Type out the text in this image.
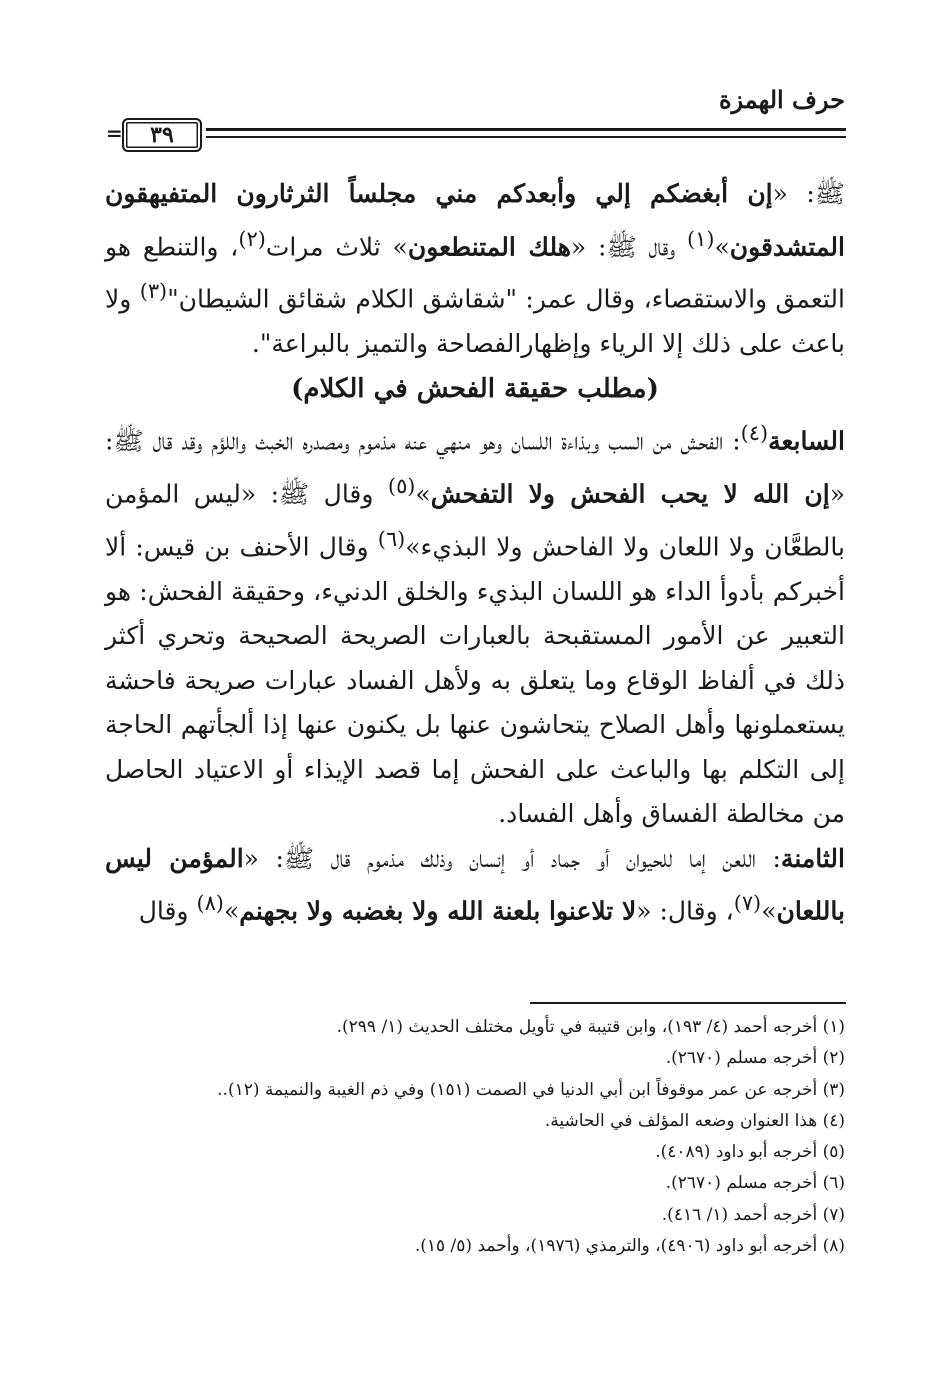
حرف الهمزة
٣٩
=

ﷺ: «إن أبغضكم إلي وأبعدكم مني مجلساً الثرثارون المتفيهقون المتشدقون»$^{(١)}$ وقال ﷺ: «هلك المتنطعون» ثلاث مرات$^{(٢)}$، والتنطع هو التعمق والاستقصاء، وقال عمر: "شقاشق الكلام شقائق الشيطان"$^{(٣)}$ ولا باعث على ذلك إلا الرياء وإظهارالفصاحة والتميز بالبراعة".

(مطلب حقيقة الفحش في الكلام)

السابعة$^{(٤)}$: الفحش من السب وبذاءة اللسان وهو منهي عنه مذموم ومصدره الخبث واللؤم وقد قال ﷺ: «إن الله لا يحب الفحش ولا التفحش»$^{(٥)}$ وقال ﷺ: «ليس المؤمن بالطعَّان ولا اللعان ولا الفاحش ولا البذيء»$^{(٦)}$ وقال الأحنف بن قيس: ألا أخبركم بأدوأ الداء هو اللسان البذيء والخلق الدنيء، وحقيقة الفحش: هو التعبير عن الأمور المستقبحة بالعبارات الصريحة الصحيحة وتحري أكثر ذلك في ألفاظ الوقاع وما يتعلق به ولأهل الفساد عبارات صريحة فاحشة يستعملونها وأهل الصلاح يتحاشون عنها بل يكنون عنها إذا ألجأتهم الحاجة إلى التكلم بها والباعث على الفحش إما قصد الإيذاء أو الاعتياد الحاصل من مخالطة الفساق وأهل الفساد.

الثامنة: اللعن إما للحيوان أو جماد أو إنسان وذلك مذموم قال ﷺ: «المؤمن ليس باللعان»$^{(٧)}$، وقال: «لا تلاعنوا بلعنة الله ولا بغضبه ولا بجهنم»$^{(٨)}$ وقال

(١) أخرجه أحمد (٤/ ١٩٣)، وابن قتيبة في تأويل مختلف الحديث (١/ ٢٩٩).
(٢) أخرجه مسلم (٢٦٧٠).
(٣) أخرجه عن عمر موقوفاً ابن أبي الدنيا في الصمت (١٥١) وفي ذم الغيبة والنميمة (١٢)..
(٤) هذا العنوان وضعه المؤلف في الحاشية.
(٥) أخرجه أبو داود (٤٠٨٩).
(٦) أخرجه مسلم (٢٦٧٠).
(٧) أخرجه أحمد (١/ ٤١٦).
(٨) أخرجه أبو داود (٤٩٠٦)، والترمذي (١٩٧٦)، وأحمد (٥/ ١٥).
